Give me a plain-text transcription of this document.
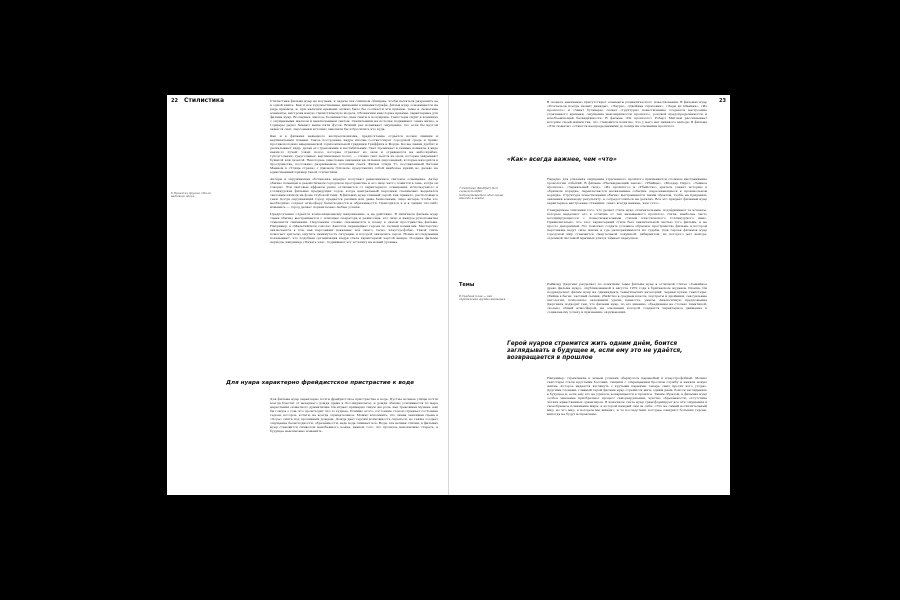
22 Стилистика
6 Прием из другого стиля видимого эпохи

Стилистика фильма нуар не изучена, и задача эта слишком обширна, чтобы пытаться разрешить её в одной книге. Как и все художественные движения в кинематографе, фильм нуар основывается на ряде приёмов, и, при наличии времени, можно было бы соотнести эти приёмы, темы и сюжетные элементы, выстроив некую стилистическую модель. Обозначим некоторые приёмы, характерные для фильма нуар. Во-первых, многое, большинство сцен сняты в полумраке. Гангстеры сидят в комнатах с опущенными жалюзи и выключенным светом. Светильники на потолке поднимают очень низко, а торшеры редко бывают выше пяти футов. Всякий раз возникает ощущение, что если бы кругом зажёгся свет, персонажи истошно завопили бы и бросились кто куда.

Как и в фильмах немецкого экспрессионизма, предпочтение отдаётся косым линиям и вертикальным планам. Такое построение кадра вполне соответствует городской среде и прямо противоположно американской горизонтальной традиции Гриффита и Форда. Косые линии дробят и раскалывают кадр, делая его тревожным и нестабильным. Свет проникает в тёмные комнаты в виде каких-то лучей: узких полос, которые стреляют из окон и отражаются на небоскрёбах, тупоугольных, треугольных, вертикальных полос, — словно свет льётся из окон, которые закрывают бумагой или газетой. Некоторые смысловые значения на сильных персонажей, которые находятся в пространстве, постоянно разрываемом потоками света. Фильм «Леди Т», поставленный Энтони Манном в «Улице страха» с Джоном Элтоном, представлял собой наиболее яркий, но далеко не единственный пример такой стилистики.

Актёры и окружающая обстановка нередко получают равнозначное световое освещение. Актёр обычно помещён в реалистичном городском пространстве и его лицо часто ложится в тень, когда он говорит. Эти световые эффекты резко отличаются от характерного освещения, используемого в голливудских фильмах предыдущих годов, когда центральный персонаж специально выделялся световым пятном на фоне глубокой тени. В фильмах нуар главный герой, как правило, расположен в тени. Когда окружающий город предаётся разным или даже безвольным, лицо актёра, чтобы это необходимо создает атмосферу безысходности и обреченности. Пригодился я и я сыщик что-либо изменить — город делает поразительно любые успехи.

Предпочтение отдаётся композиционному напряжению, а не действию. В типичном фильме нуар сцена обычно выстраивается с помощью оператора и режиссёра, его лицо и каждое рукопожатие становятся снимками. Персонажи словно оказываются в плену в самом пространстве фильма. Например, в «Мальтийском соколе» Хьюстон перемещает героев по тесным комнатам. Мастерство заключается в том, как персонажи показаны: всё сжато, тесно, клаустрофобно. Такой стиль помогает зрителю ощутить замкнутость ситуации, в которой оказались герои. Новые исследования показывают, что подобная организация кадра стала характерной чертой жанра. Поздние фильмы периода, например «Печать зла», поднимают эту эстетику на новый уровень.

Для нуара характерно фрейдистское пристрастие к воде

Для фильма нуар характерно почти фрейдистское пристрастие к воде. Пустые ночные улицы почти всегда блестят от вечернего дождя (даже в Лос-Анджелесе), и дожди обычно усиливаются по мере нарастания сюжетного драматизма. Он играет примерно такую же роль, как тревожная музыка, как бы говоря о том, что происходит что-то худшее. Помимо этого, состояние стоков отражает состояние героев, которое, кстати, не всегда отрицательное. Можно вспомнить, что самая значимая сцена в «Лоре» снята под проливным дождём. Дождь даёт героям возможность скрыться, но также создаёт ощущение безысходности, обречённости, ведь вода смывает всё. Вода, эта вечная стихия, в фильмах нуар становится символом неизбежного конца, знаком того, что прошлое невозможно стереть, а будущее невозможно изменить.

23

В сюжете неизменно присутствуют элементы романтического повествования. В фильмах нуар «Почтальон всегда звонит дважды», «Лаура», «Двойная страховка», «Леди из Шанхая», «Из прошлого» и «Закат бульвара» сюжет структурно повествование создаётся настроение утраченного времени, ощущение невозвратности прошлого, роковой предопределённости и всеобъемлющей безнадёжности. В фильме «Из прошлого» Роберт Митчем рассказывает историю своей жизни так, что становится понятно, что у него нет никакого выхода. В фильме «Эти сюжеты» остаются неопределёнными до конца на основании прошлого.

«Как» всегда важнее, чем «что»
7 Сеттинг (Modifier) Под словом modifier подразумевается одна сцена эпизода в ленте

Нередко для усиления ощущения утраченного прошлого применяется сложное выстраивание хронологии событий. В фильме «Насаждающий закон», «Убийцы», «Молдер Пирс», «Тёмное прошлое», «Зеркальный свод», «Из прошлого» и «Убийство» зритель узнаёт историю в обратном порядке, переплетаются несвязанные события, пересекающиеся в произвольном порядке. Структура повествования обычно выстраивается таким образом, чтобы не придавать значения конечному результату, а сосредоточиться на деталях. Всё это придаёт фильмам нуар характерное настроение отчаяния: «как» всегда важнее, чем «что».

Стандартные описания того, что делает стиль нуар отличительным, подчёркивают те аспекты, которые выделяют его в отличие от так называемого прошлого стиля, наиболее часто ассоциирующегося с повествовательным стилем классического голливудского кино. Примечательно, что этот характерный стиль был значительной частью того фильма, а не просто декорацией. Это помогает создать условное образное пространство фильма, в котором персонажи ведут свою жизнь и где разворачиваются их судьбы. Для героев фильмов нуар городской мир становится смертельной ловушкой, лабиринтом, из которого нет выхода, огромной системой мрачных улиц и тёмных переулков.

Темы
8 Средний план — как определение группы внимания

Рэймонд Дюргнат разделяет по понятиям темы фильма нуар в отличной статье «Семейное древо фильма нуар», опубликованной в августе 1970 года в британском журнале Cinema. Он подразделяет фильм нуар на одиннадцать тематических категорий: черная кухня, гангстеры, убийца в бегах, частный сыщик, убийство в среднем классе, портреты и двойники, сексуальные патологии, психопаты, заложники удачи, ценность, ужасы. Аналогичную предложение Дюргната подводят тем, что фильмы нуар, по его мнению, объединены не столько тематикой, сколько общей атмосферой, на основании которой создаётся характерное движение к социальному успеху и признанию окружающих.

Герой нуаров стремится жить одним днём, боится заглядывать в будущее и, если ему это не удаётся, возвращается в прошлое

Например, стремление к новым успехам обернулось паранойей и клаустрофобией. Можно гангстеры стали круглыми боссами, сыщики с отвращением бросили службу и начали новую жизнь, которое надеется взглянуть с крутыми парнями, теперь само просит кого угодно. Другими словами, главный герой фильма нуар стремится жить одним днём, боится заглядывать в будущее и, если ему это не удаётся, возвращается в прошлое. Таким образом, в фильмах нуар особое значение приобретают процесс саморазрушения, чувство обречённости, отсутствие чётких нравственных ориентиров. В конечном счёте нуар трансформирует все эти ощущения в своеобразное понимание мира, в котором каждый сам за себя: «Это не самый восхитительный мир, но это мир, в котором мы живём», и те последствия, которые ожидают больших героев, никогда не будут исправлены.
